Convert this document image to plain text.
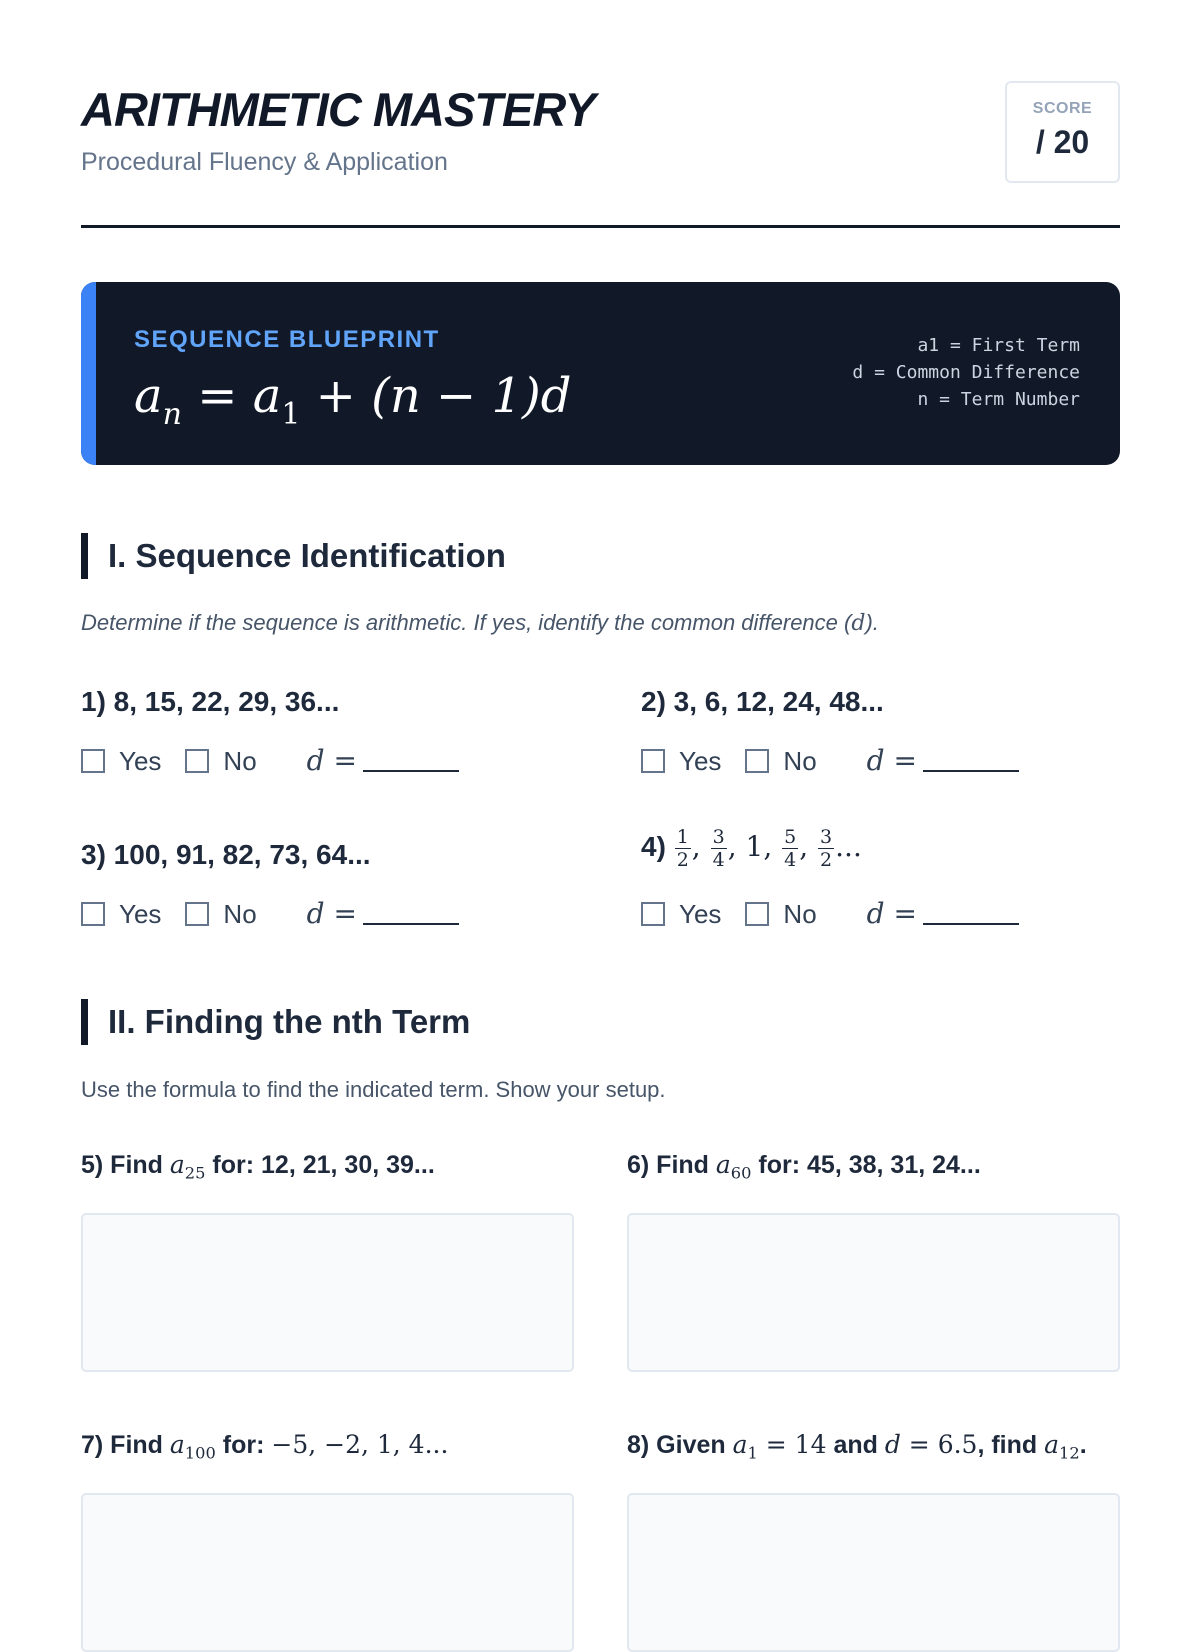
ARITHMETIC MASTERY
Procedural Fluency & Application
SCORE
/ 20
SEQUENCE BLUEPRINT
$a_n = a_1 + (n - 1)d$
a1 = First Term
d = Common Difference
n = Term Number
I. Sequence Identification
Determine if the sequence is arithmetic. If yes, identify the common difference (d).
1) 8, 15, 22, 29, 36...
Yes No d =
2) 3, 6, 12, 24, 48...
Yes No d =
3) 100, 91, 82, 73, 64...
Yes No d =
$4) \frac{1}{2}$ , $\frac{3}{4}$ , 1, $\frac{5}{4}$ , $\frac{3}{2}$ ...
Yes No d =
II. Finding the nth Term
Use the formula to find the indicated term. Show your setup.
5) Find $a_{25}$ for: 12, 21, 30, 39...	6) Find $a_{60}$ for: 45, 38, 31, 24...
7) Find $a_{100}$ for: −5, −2, 1, 4...	8) Given $a_1 = 14$ and d = 6.5, find $a_{12}$.
